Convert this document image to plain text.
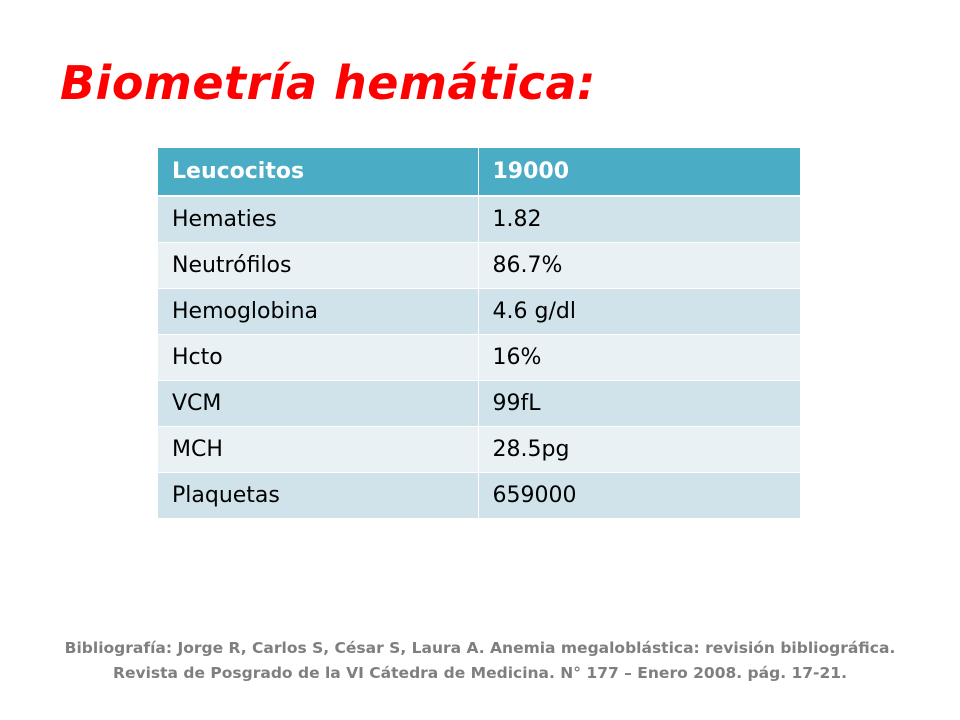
Biometría hemática:
Leucocitos	19000
Hematies	1.82
Neutrófilos	86.7%
Hemoglobina	4.6 g/dl
Hcto	16%
VCM	99fL
MCH	28.5pg
Plaquetas	659000

Bibliografía: Jorge R, Carlos S, César S, Laura A. Anemia megaloblástica: revisión bibliográfica.
Revista de Posgrado de la VI Cátedra de Medicina. N° 177 – Enero 2008. pág. 17-21.
